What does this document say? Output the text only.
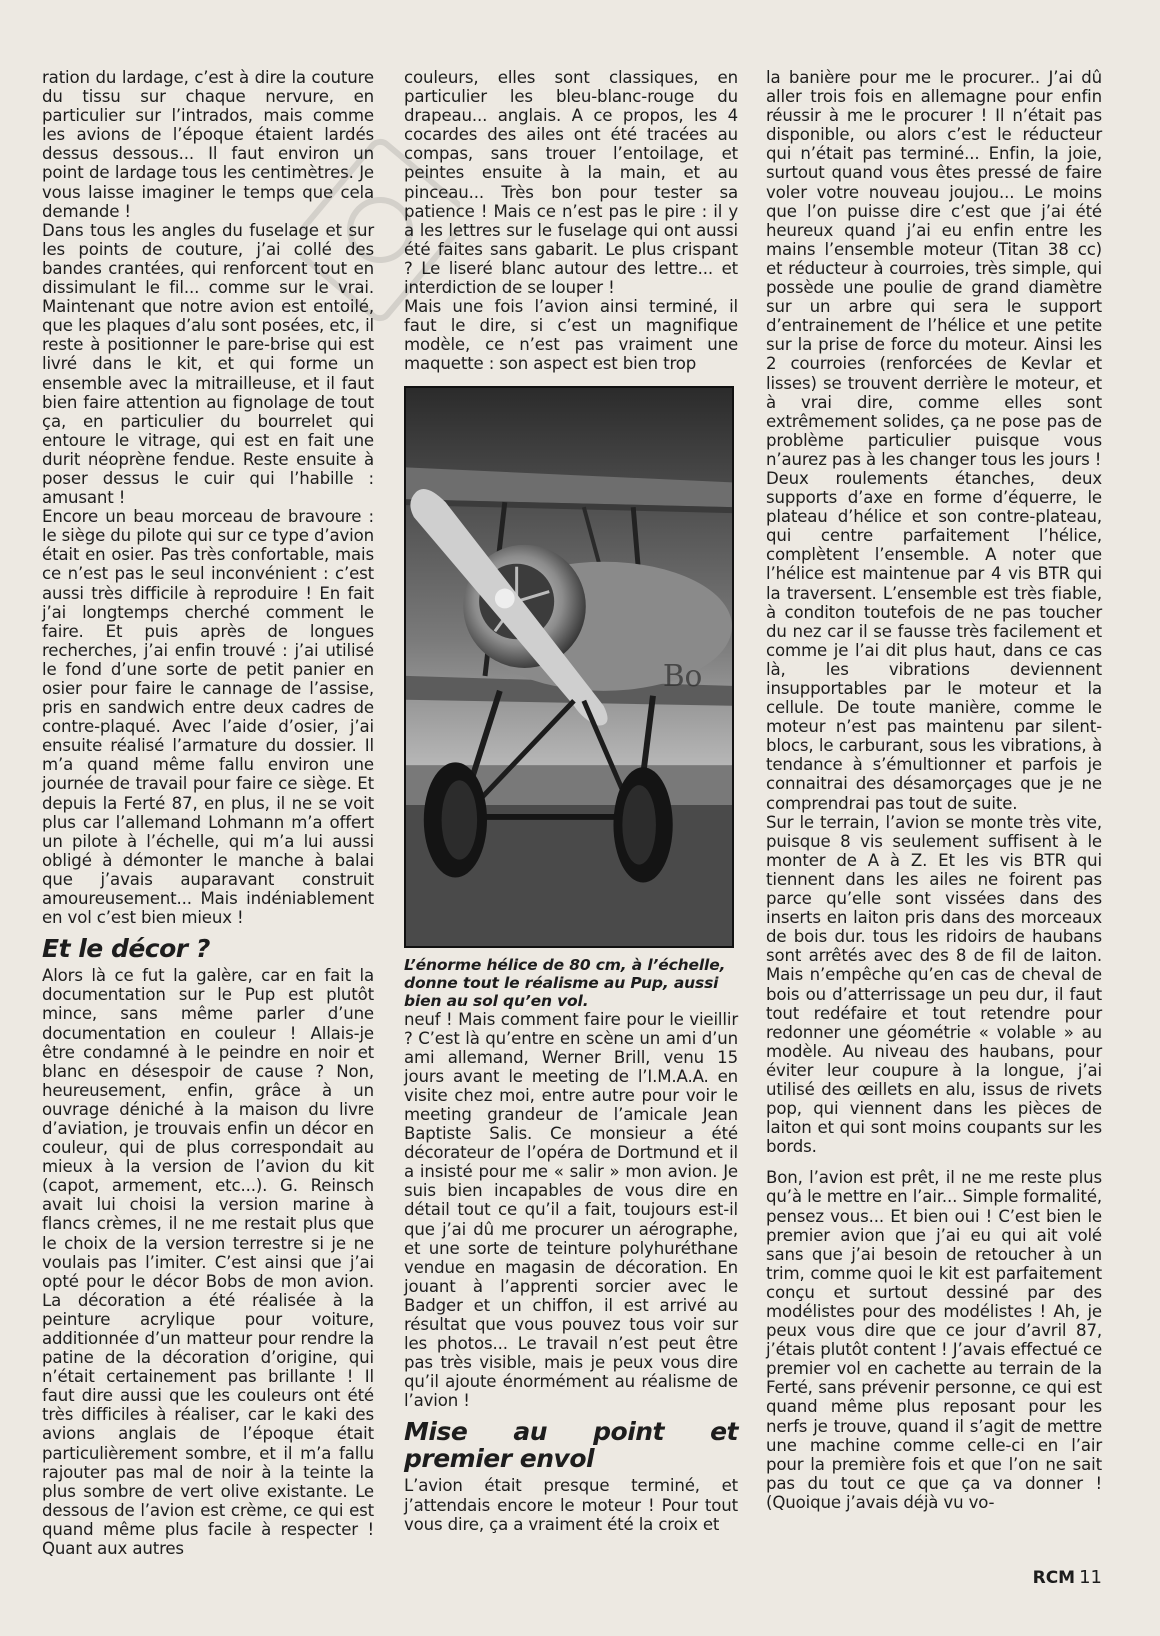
ration du lardage, c’est à dire la couture du tissu sur chaque nervure, en particulier sur l’intrados, mais comme les avions de l’époque étaient lardés dessus dessous... Il faut environ un point de lardage tous les centimètres. Je vous laisse imaginer le temps que cela demande !

Dans tous les angles du fuselage et sur les points de couture, j’ai collé des bandes crantées, qui renforcent tout en dissimulant le fil... comme sur le vrai. Maintenant que notre avion est entoilé, que les plaques d’alu sont posées, etc, il reste à positionner le pare-brise qui est livré dans le kit, et qui forme un ensemble avec la mitrailleuse, et il faut bien faire attention au fignolage de tout ça, en particulier du bourrelet qui entoure le vitrage, qui est en fait une durit néoprène fendue. Reste ensuite à poser dessus le cuir qui l’habille : amusant !

Encore un beau morceau de bravoure : le siège du pilote qui sur ce type d’avion était en osier. Pas très confortable, mais ce n’est pas le seul inconvénient : c’est aussi très difficile à reproduire ! En fait j’ai longtemps cherché comment le faire. Et puis après de longues recherches, j’ai enfin trouvé : j’ai utilisé le fond d’une sorte de petit panier en osier pour faire le cannage de l’assise, pris en sandwich entre deux cadres de contre-plaqué. Avec l’aide d’osier, j’ai ensuite réalisé l’armature du dossier. Il m’a quand même fallu environ une journée de travail pour faire ce siège. Et depuis la Ferté 87, en plus, il ne se voit plus car l’allemand Lohmann m’a offert un pilote à l’échelle, qui m’a lui aussi obligé à démonter le manche à balai que j’avais auparavant construit amoureusement... Mais indéniablement en vol c’est bien mieux !

Et le décor ?

Alors là ce fut la galère, car en fait la documentation sur le Pup est plutôt mince, sans même parler d’une documentation en couleur ! Allais-je être condamné à le peindre en noir et blanc en désespoir de cause ? Non, heureusement, enfin, grâce à un ouvrage déniché à la maison du livre d’aviation, je trouvais enfin un décor en couleur, qui de plus correspondait au mieux à la version de l’avion du kit (capot, armement, etc...). G. Reinsch avait lui choisi la version marine à flancs crèmes, il ne me restait plus que le choix de la version terrestre si je ne voulais pas l’imiter. C’est ainsi que j’ai opté pour le décor Bobs de mon avion. La décoration a été réalisée à la peinture acrylique pour voiture, additionnée d’un matteur pour rendre la patine de la décoration d’origine, qui n’était certainement pas brillante ! Il faut dire aussi que les couleurs ont été très difficiles à réaliser, car le kaki des avions anglais de l’époque était particulièrement sombre, et il m’a fallu rajouter pas mal de noir à la teinte la plus sombre de vert olive existante. Le dessous de l’avion est crème, ce qui est quand même plus facile à respecter ! Quant aux autres

couleurs, elles sont classiques, en particulier les bleu-blanc-rouge du drapeau... anglais. A ce propos, les 4 cocardes des ailes ont été tracées au compas, sans trouer l’entoilage, et peintes ensuite à la main, et au pinceau... Très bon pour tester sa patience ! Mais ce n’est pas le pire : il y a les lettres sur le fuselage qui ont aussi été faites sans gabarit. Le plus crispant ? Le liseré blanc autour des lettre... et interdiction de se louper !

Mais une fois l’avion ainsi terminé, il faut le dire, si c’est un magnifique modèle, ce n’est pas vraiment une maquette : son aspect est bien trop

Bo

L’énorme hélice de 80 cm, à l’échelle, donne tout le réalisme au Pup, aussi bien au sol qu’en vol.

neuf ! Mais comment faire pour le vieillir ? C’est là qu’entre en scène un ami d’un ami allemand, Werner Brill, venu 15 jours avant le meeting de l’I.M.A.A. en visite chez moi, entre autre pour voir le meeting grandeur de l’amicale Jean Baptiste Salis. Ce monsieur a été décorateur de l’opéra de Dortmund et il a insisté pour me « salir » mon avion. Je suis bien incapables de vous dire en détail tout ce qu’il a fait, toujours est-il que j’ai dû me procurer un aérographe, et une sorte de teinture polyhuréthane vendue en magasin de décoration. En jouant à l’apprenti sorcier avec le Badger et un chiffon, il est arrivé au résultat que vous pouvez tous voir sur les photos... Le travail n’est peut être pas très visible, mais je peux vous dire qu’il ajoute énormément au réalisme de l’avion !

Mise au point et premier envol

L’avion était presque terminé, et j’attendais encore le moteur ! Pour tout vous dire, ça a vraiment été la croix et

la banière pour me le procurer.. J’ai dû aller trois fois en allemagne pour enfin réussir à me le procurer ! Il n’était pas disponible, ou alors c’est le réducteur qui n’était pas terminé... Enfin, la joie, surtout quand vous êtes pressé de faire voler votre nouveau joujou... Le moins que l’on puisse dire c’est que j’ai été heureux quand j’ai eu enfin entre les mains l’ensemble moteur (Titan 38 cc) et réducteur à courroies, très simple, qui possède une poulie de grand diamètre sur un arbre qui sera le support d’entrainement de l’hélice et une petite sur la prise de force du moteur. Ainsi les 2 courroies (renforcées de Kevlar et lisses) se trouvent derrière le moteur, et à vrai dire, comme elles sont extrêmement solides, ça ne pose pas de problème particulier puisque vous n’aurez pas à les changer tous les jours !

Deux roulements étanches, deux supports d’axe en forme d’équerre, le plateau d’hélice et son contre-plateau, qui centre parfaitement l’hélice, complètent l’ensemble. A noter que l’hélice est maintenue par 4 vis BTR qui la traversent. L’ensemble est très fiable, à conditon toutefois de ne pas toucher du nez car il se fausse très facilement et comme je l’ai dit plus haut, dans ce cas là, les vibrations deviennent insupportables par le moteur et la cellule. De toute manière, comme le moteur n’est pas maintenu par silent-blocs, le carburant, sous les vibrations, à tendance à s’émultionner et parfois je connaitrai des désamorçages que je ne comprendrai pas tout de suite.

Sur le terrain, l’avion se monte très vite, puisque 8 vis seulement suffisent à le monter de A à Z. Et les vis BTR qui tiennent dans les ailes ne foirent pas parce qu’elle sont vissées dans des inserts en laiton pris dans des morceaux de bois dur. tous les ridoirs de haubans sont arrêtés avec des 8 de fil de laiton. Mais n’empêche qu’en cas de cheval de bois ou d’atterrissage un peu dur, il faut tout redéfaire et tout retendre pour redonner une géométrie « volable » au modèle. Au niveau des haubans, pour éviter leur coupure à la longue, j’ai utilisé des œillets en alu, issus de rivets pop, qui viennent dans les pièces de laiton et qui sont moins coupants sur les bords.

Bon, l’avion est prêt, il ne me reste plus qu’à le mettre en l’air... Simple formalité, pensez vous... Et bien oui ! C’est bien le premier avion que j’ai eu qui ait volé sans que j’ai besoin de retoucher à un trim, comme quoi le kit est parfaitement conçu et surtout dessiné par des modélistes pour des modélistes ! Ah, je peux vous dire que ce jour d’avril 87, j’étais plutôt content ! J’avais effectué ce premier vol en cachette au terrain de la Ferté, sans prévenir personne, ce qui est quand même plus reposant pour les nerfs je trouve, quand il s’agit de mettre une machine comme celle-ci en l’air pour la première fois et que l’on ne sait pas du tout ce que ça va donner ! (Quoique j’avais déjà vu vo-

RCM 11
